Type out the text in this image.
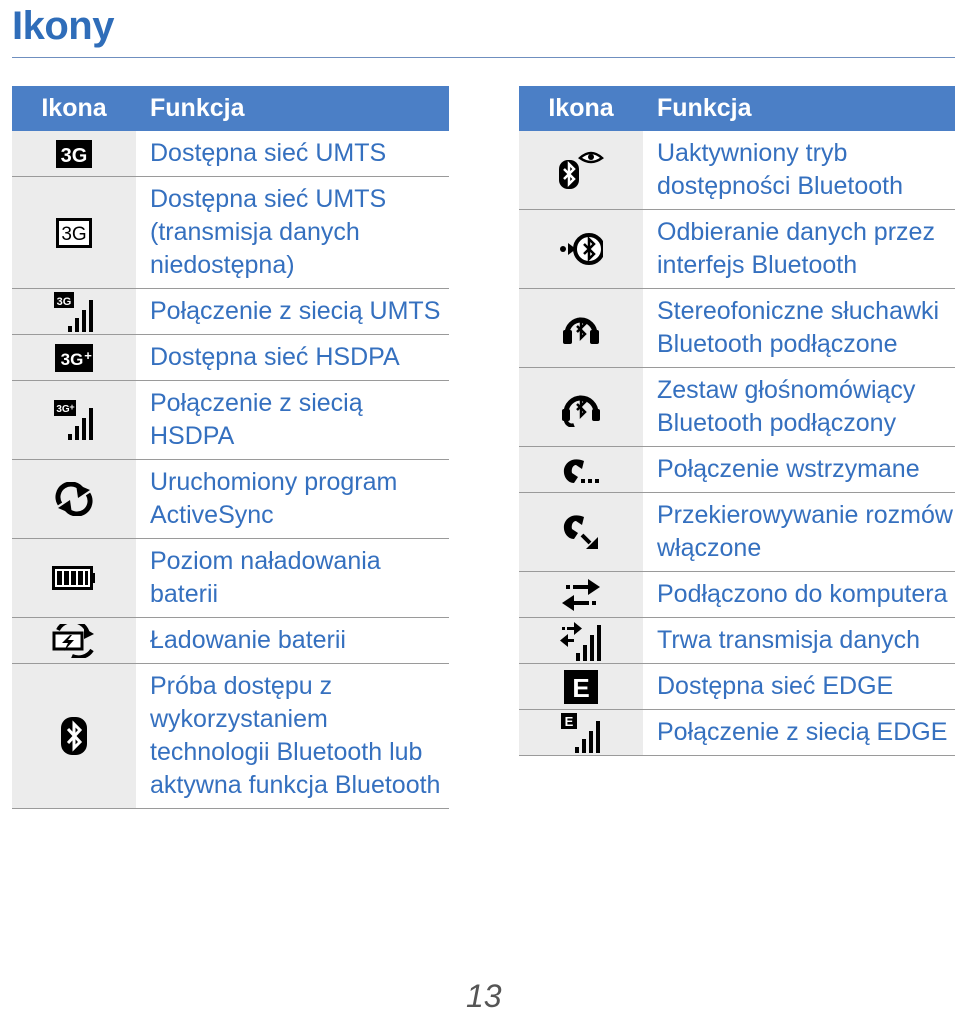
Ikony
Ikona	Funkcja

3G	Dostępna sieć UMTS

3G	Dostępna sieć UMTS (transmisja danych niedostępna)

3G	Połączenie z siecią UMTS

3G +	Dostępna sieć HSDPA

3G +	Połączenie z siecią HSDPA

	Uruchomiony program ActiveSync

	Poziom naładowania baterii

	Ładowanie baterii

	Próba dostępu z wykorzystaniem technologii Bluetooth lub aktywna funkcja Bluetooth
Ikona	Funkcja

	Uaktywniony tryb dostępności Bluetooth

	Odbieranie danych przez interfejs Bluetooth

	Stereofoniczne słuchawki Bluetooth podłączone

	Zestaw głośnomówiący Bluetooth podłączony

	Połączenie wstrzymane

	Przekierowywanie rozmów włączone

	Podłączono do komputera

	Trwa transmisja danych

E	Dostępna sieć EDGE

E	Połączenie z siecią EDGE
13
